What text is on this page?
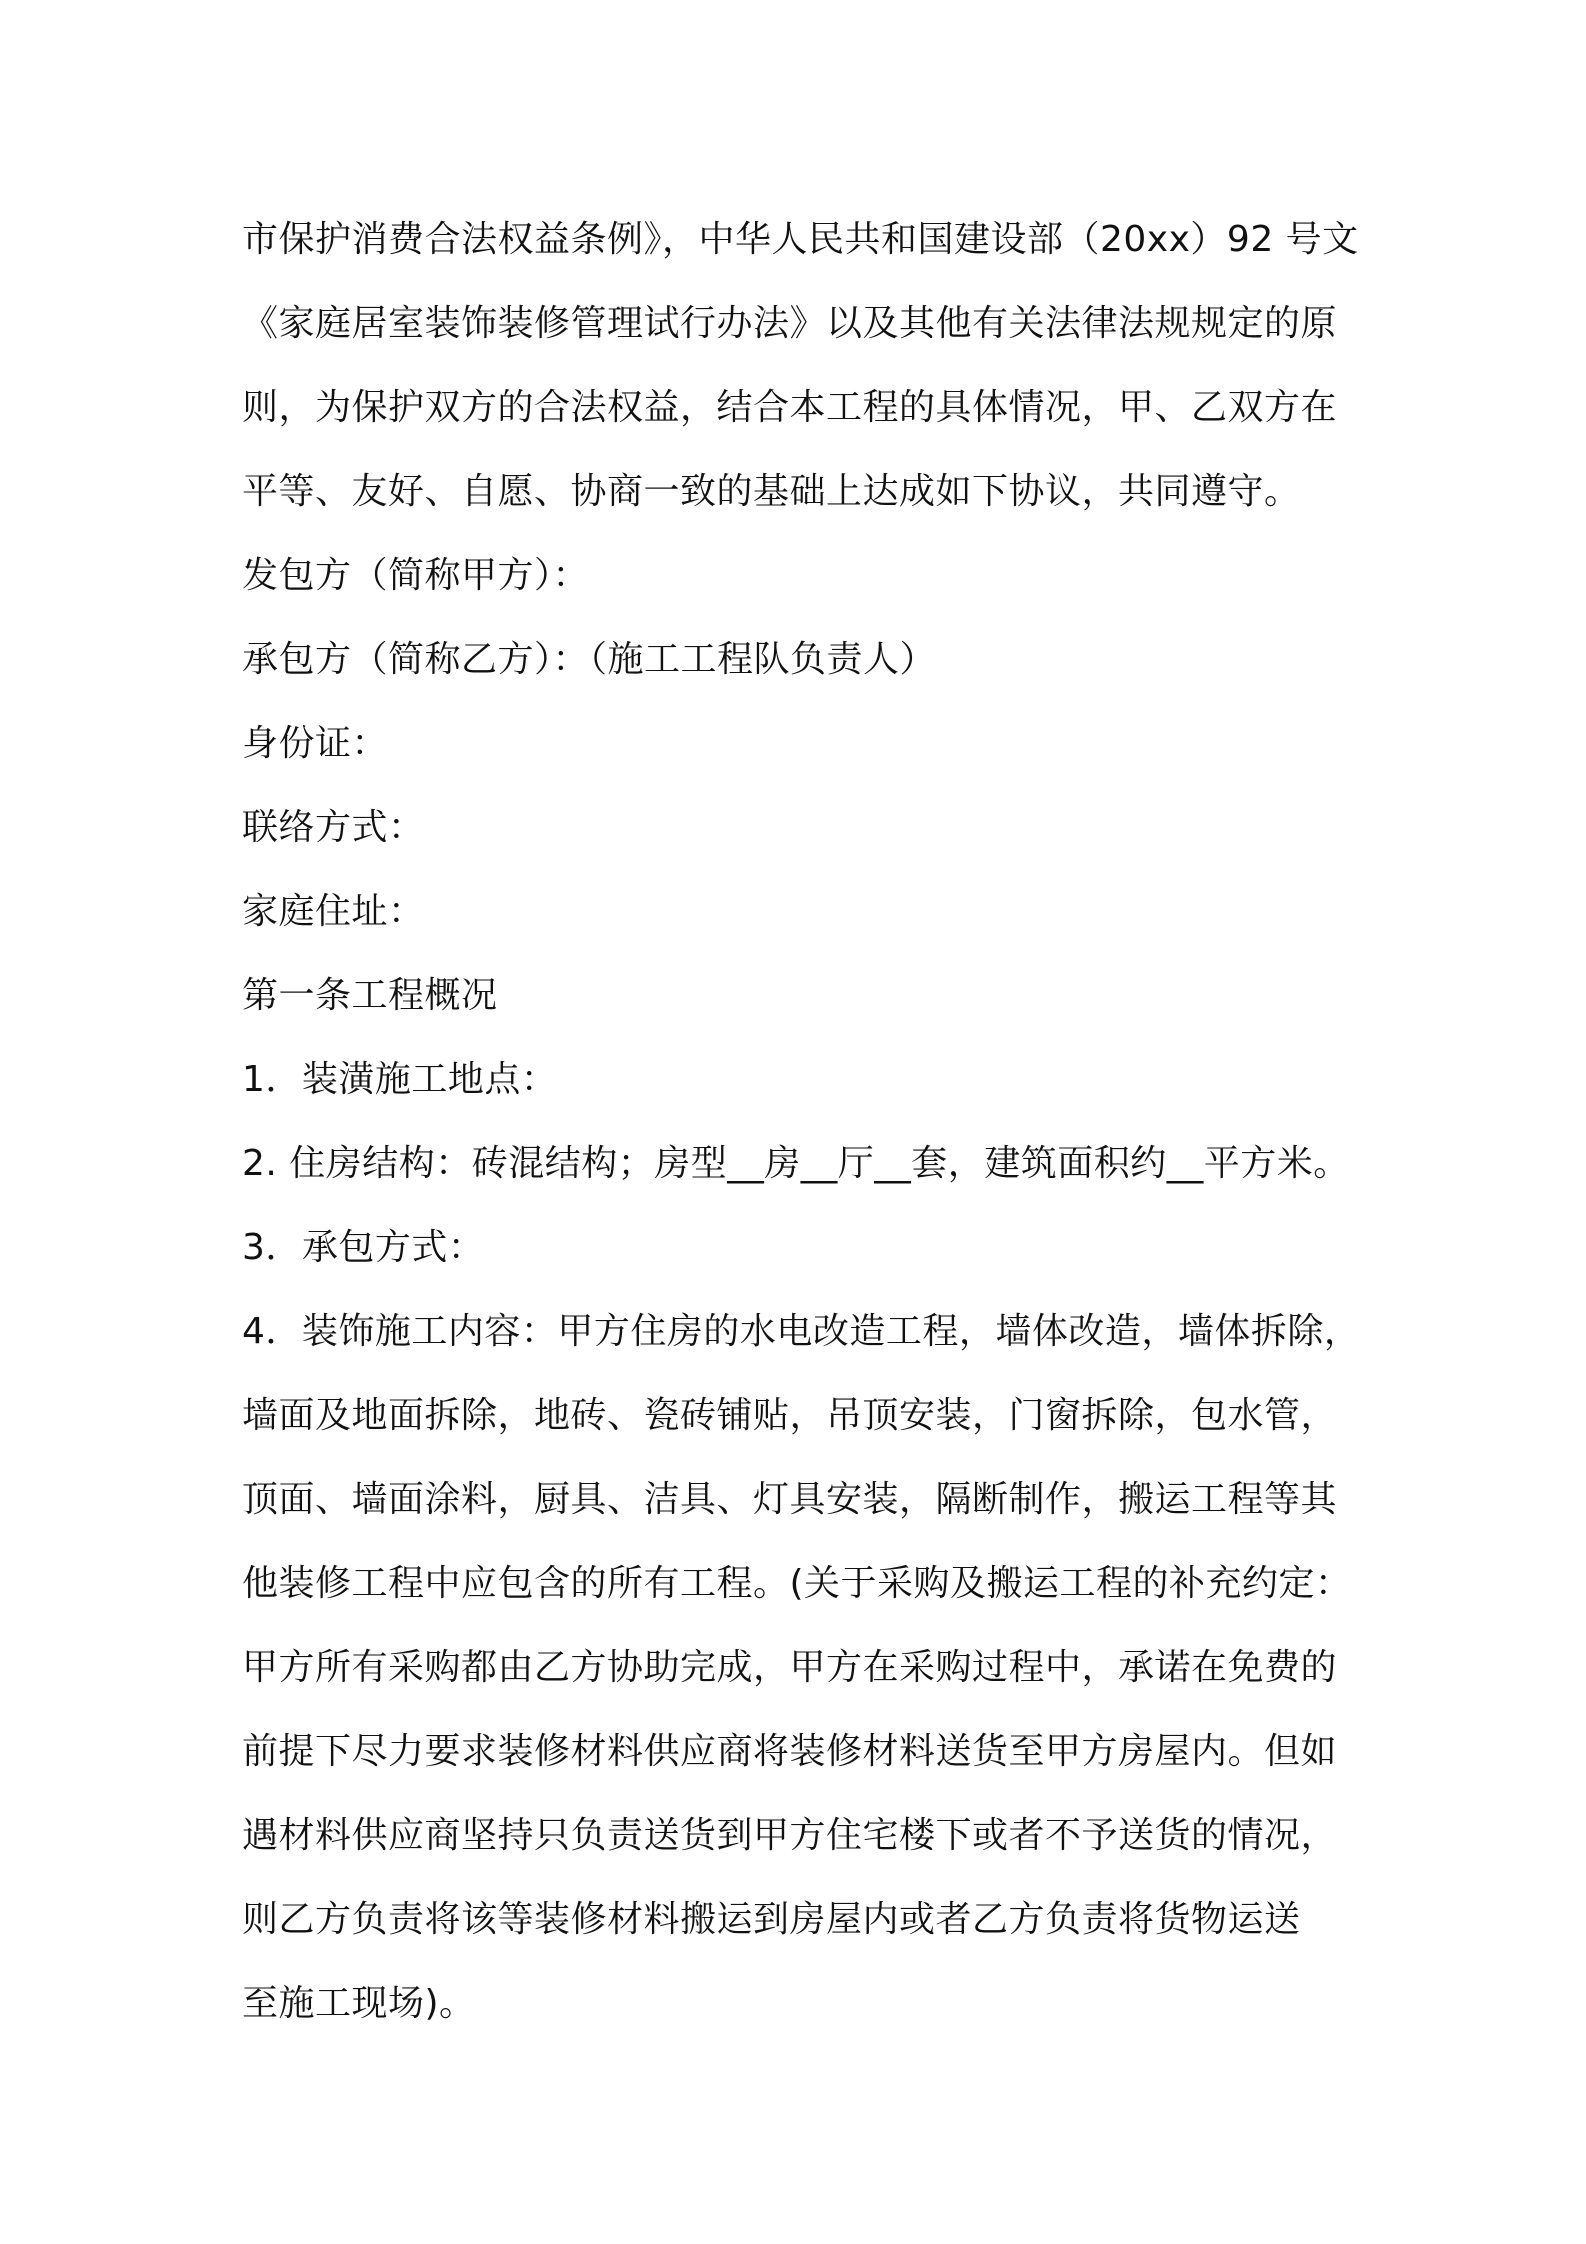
市保护消费合法权益条例》，中华人民共和国建设部（20xx）92 号文
《家庭居室装饰装修管理试行办法》以及其他有关法律法规规定的原
则，为保护双方的合法权益，结合本工程的具体情况，甲、乙双方在
平等、友好、自愿、协商一致的基础上达成如下协议，共同遵守。
发包方（简称甲方）：
承包方（简称乙方）：（施工工程队负责人）
身份证：
联络方式：
家庭住址：
第一条工程概况
1．装潢施工地点：
2. 住房结构：砖混结构；房型__房__厅__套，建筑面积约__平方米。
3．承包方式：
4．装饰施工内容：甲方住房的水电改造工程，墙体改造，墙体拆除，
墙面及地面拆除，地砖、瓷砖铺贴，吊顶安装，门窗拆除，包水管，
顶面、墙面涂料，厨具、洁具、灯具安装，隔断制作，搬运工程等其
他装修工程中应包含的所有工程。(关于采购及搬运工程的补充约定：
甲方所有采购都由乙方协助完成，甲方在采购过程中，承诺在免费的
前提下尽力要求装修材料供应商将装修材料送货至甲方房屋内。但如
遇材料供应商坚持只负责送货到甲方住宅楼下或者不予送货的情况，
则乙方负责将该等装修材料搬运到房屋内或者乙方负责将货物运送
至施工现场)。
